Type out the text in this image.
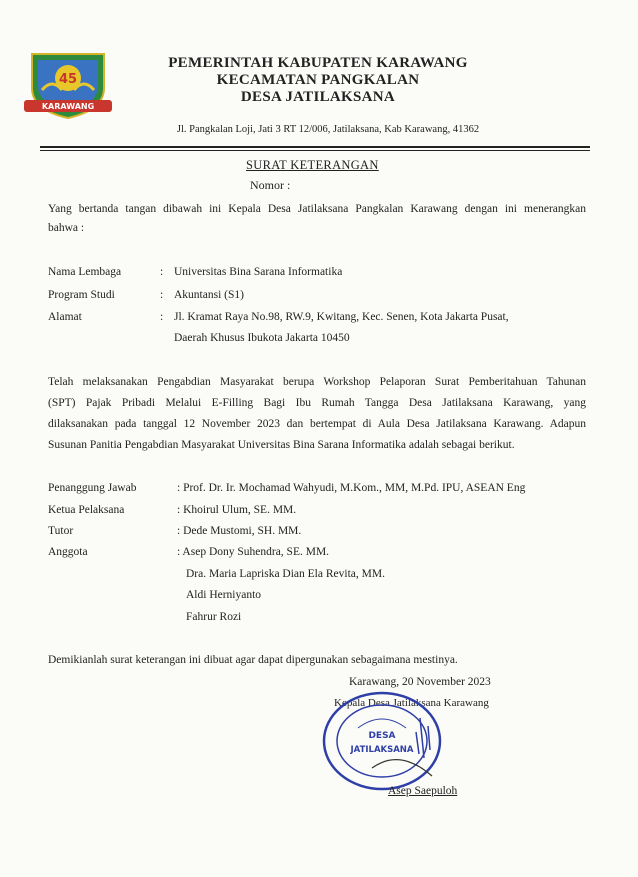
45
KARAWANG
PEMERINTAH KABUPATEN KARAWANG
KECAMATAN PANGKALAN
DESA JATILAKSANA
Jl. Pangkalan Loji, Jati 3 RT 12/006, Jatilaksana, Kab Karawang, 41362
SURAT KETERANGAN
Nomor :
Yang bertanda tangan dibawah ini Kepala Desa Jatilaksana Pangkalan Karawang dengan ini menerangkan
bahwa :
Nama Lembaga	: Universitas Bina Sarana Informatika
Program Studi	: Akuntansi (S1)
Alamat	: Jl. Kramat Raya No.98, RW.9, Kwitang, Kec. Senen, Kota Jakarta Pusat,
Daerah Khusus Ibukota Jakarta 10450
Telah melaksanakan Pengabdian Masyarakat berupa Workshop Pelaporan Surat Pemberitahuan Tahunan
(SPT) Pajak Pribadi Melalui E-Filling Bagi Ibu Rumah Tangga Desa Jatilaksana Karawang, yang
dilaksanakan pada tanggal 12 November 2023 dan bertempat di Aula Desa Jatilaksana Karawang. Adapun
Susunan Panitia Pengabdian Masyarakat Universitas Bina Sarana Informatika adalah sebagai berikut.
Penanggung Jawab	: Prof. Dr. Ir. Mochamad Wahyudi, M.Kom., MM, M.Pd. IPU, ASEAN Eng
Ketua Pelaksana	: Khoirul Ulum, SE. MM.
Tutor	: Dede Mustomi, SH. MM.
Anggota	: Asep Dony Suhendra, SE. MM.
Dra. Maria Lapriska Dian Ela Revita, MM.
Aldi Herniyanto
Fahrur Rozi
Demikianlah surat keterangan ini dibuat agar dapat dipergunakan sebagaimana mestinya.
Karawang, 20 November 2023
Kepala Desa Jatilaksana Karawang
DESA
JATILAKSANA
Asep Saepuloh
